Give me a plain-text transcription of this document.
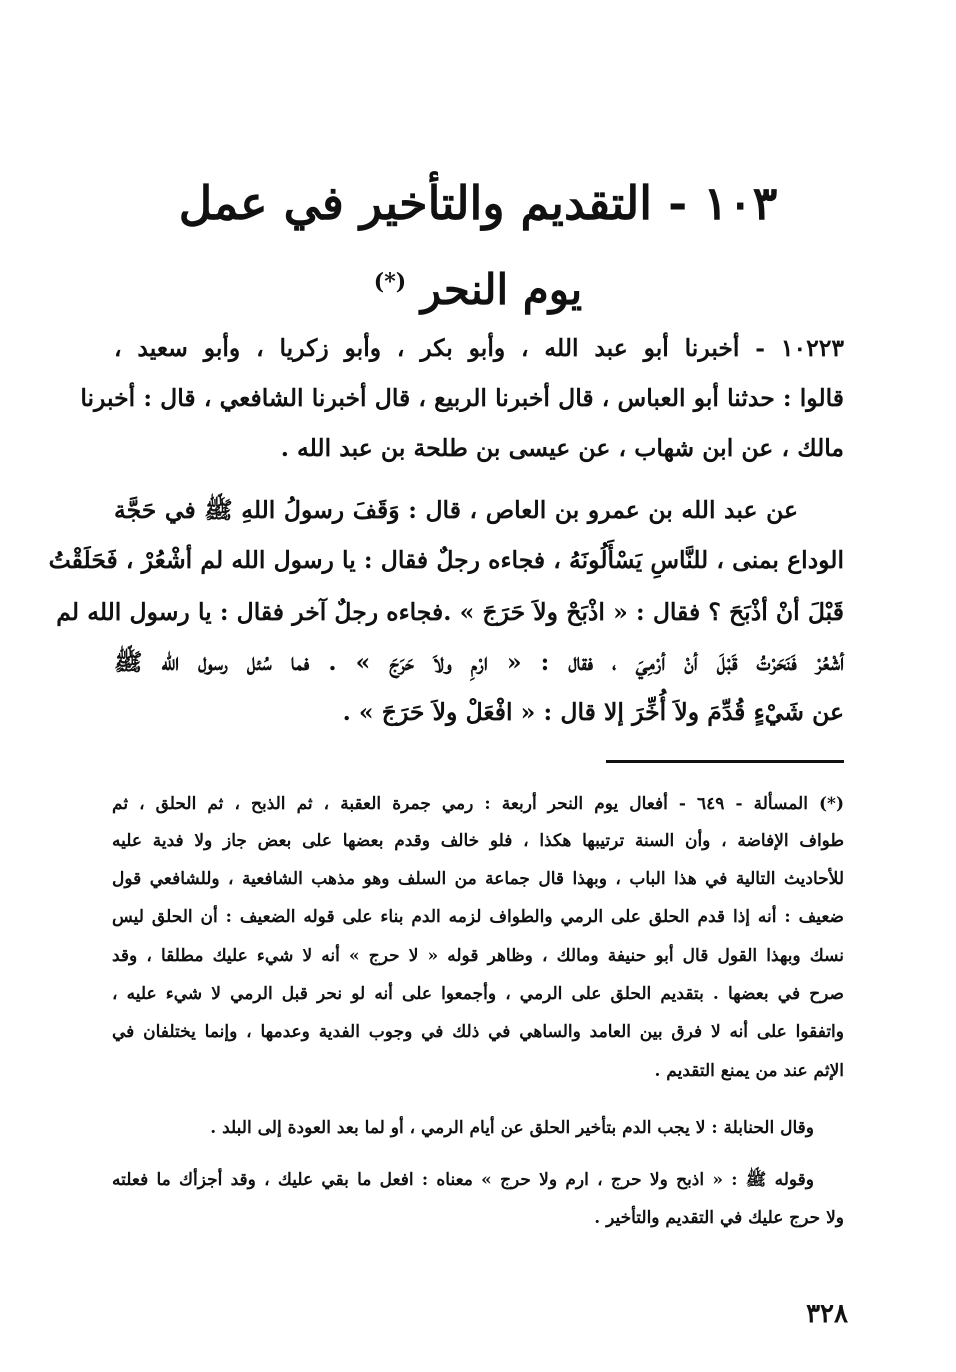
١٠٣ - التقديم والتأخير في عمل
يوم النحر (*)
١٠٢٢٣ - أخبرنا أبو عبد الله ، وأبو بكر ، وأبو زكريا ، وأبو سعيد ،
قالوا : حدثنا أبو العباس ، قال أخبرنا الربيع ، قال أخبرنا الشافعي ، قال : أخبرنا
مالك ، عن ابن شهاب ، عن عيسى بن طلحة بن عبد الله .
عن عبد الله بن عمرو بن العاص ، قال : وَقَفَ رسولُ اللهِ ﷺ في حَجَّة
الوداع بمنى ، للنَّاسِ يَسْأَلُونَهُ ، فجاءه رجلٌ فقال : يا رسول الله لم أشْعُرْ ، فَحَلَقْتُ
قَبْلَ أنْ أذْبَحَ ؟ فقال : « اذْبَحْ ولاَ حَرَجَ » .فجاءه رجلٌ آخر فقال : يا رسول الله لم
أشْعُرْ فَنَحَرْتُ قَبْلَ أنْ أرْمِيَ ، فقال : « ارْمِ ولاَ حَرَجَ » . فما سُئل رسول الله ﷺ
عن شَيْءٍ قُدِّمَ ولاَ أُخِّرَ إلا قال : « افْعَلْ ولاَ حَرَجَ » .
(*) المسألة - ٦٤٩ - أفعال يوم النحر أربعة : رمي جمرة العقبة ، ثم الذبح ، ثم الحلق ، ثم
طواف الإفاضة ، وأن السنة ترتيبها هكذا ، فلو خالف وقدم بعضها على بعض جاز ولا فدية عليه
للأحاديث التالية في هذا الباب ، وبهذا قال جماعة من السلف وهو مذهب الشافعية ، وللشافعي قول
ضعيف : أنه إذا قدم الحلق على الرمي والطواف لزمه الدم بناء على قوله الضعيف : أن الحلق ليس
نسك وبهذا القول قال أبو حنيفة ومالك ، وظاهر قوله « لا حرج » أنه لا شيء عليك مطلقا ، وقد
صرح في بعضها . بتقديم الحلق على الرمي ، وأجمعوا على أنه لو نحر قبل الرمي لا شيء عليه ،
واتفقوا على أنه لا فرق بين العامد والساهي في ذلك في وجوب الفدية وعدمها ، وإنما يختلفان في
الإثم عند من يمنع التقديم .
وقال الحنابلة : لا يجب الدم بتأخير الحلق عن أيام الرمي ، أو لما بعد العودة إلى البلد .
وقوله ﷺ : « اذبح ولا حرج ، ارم ولا حرج » معناه : افعل ما بقي عليك ، وقد أجزأك ما فعلته
ولا حرج عليك في التقديم والتأخير .
٣٢٨
